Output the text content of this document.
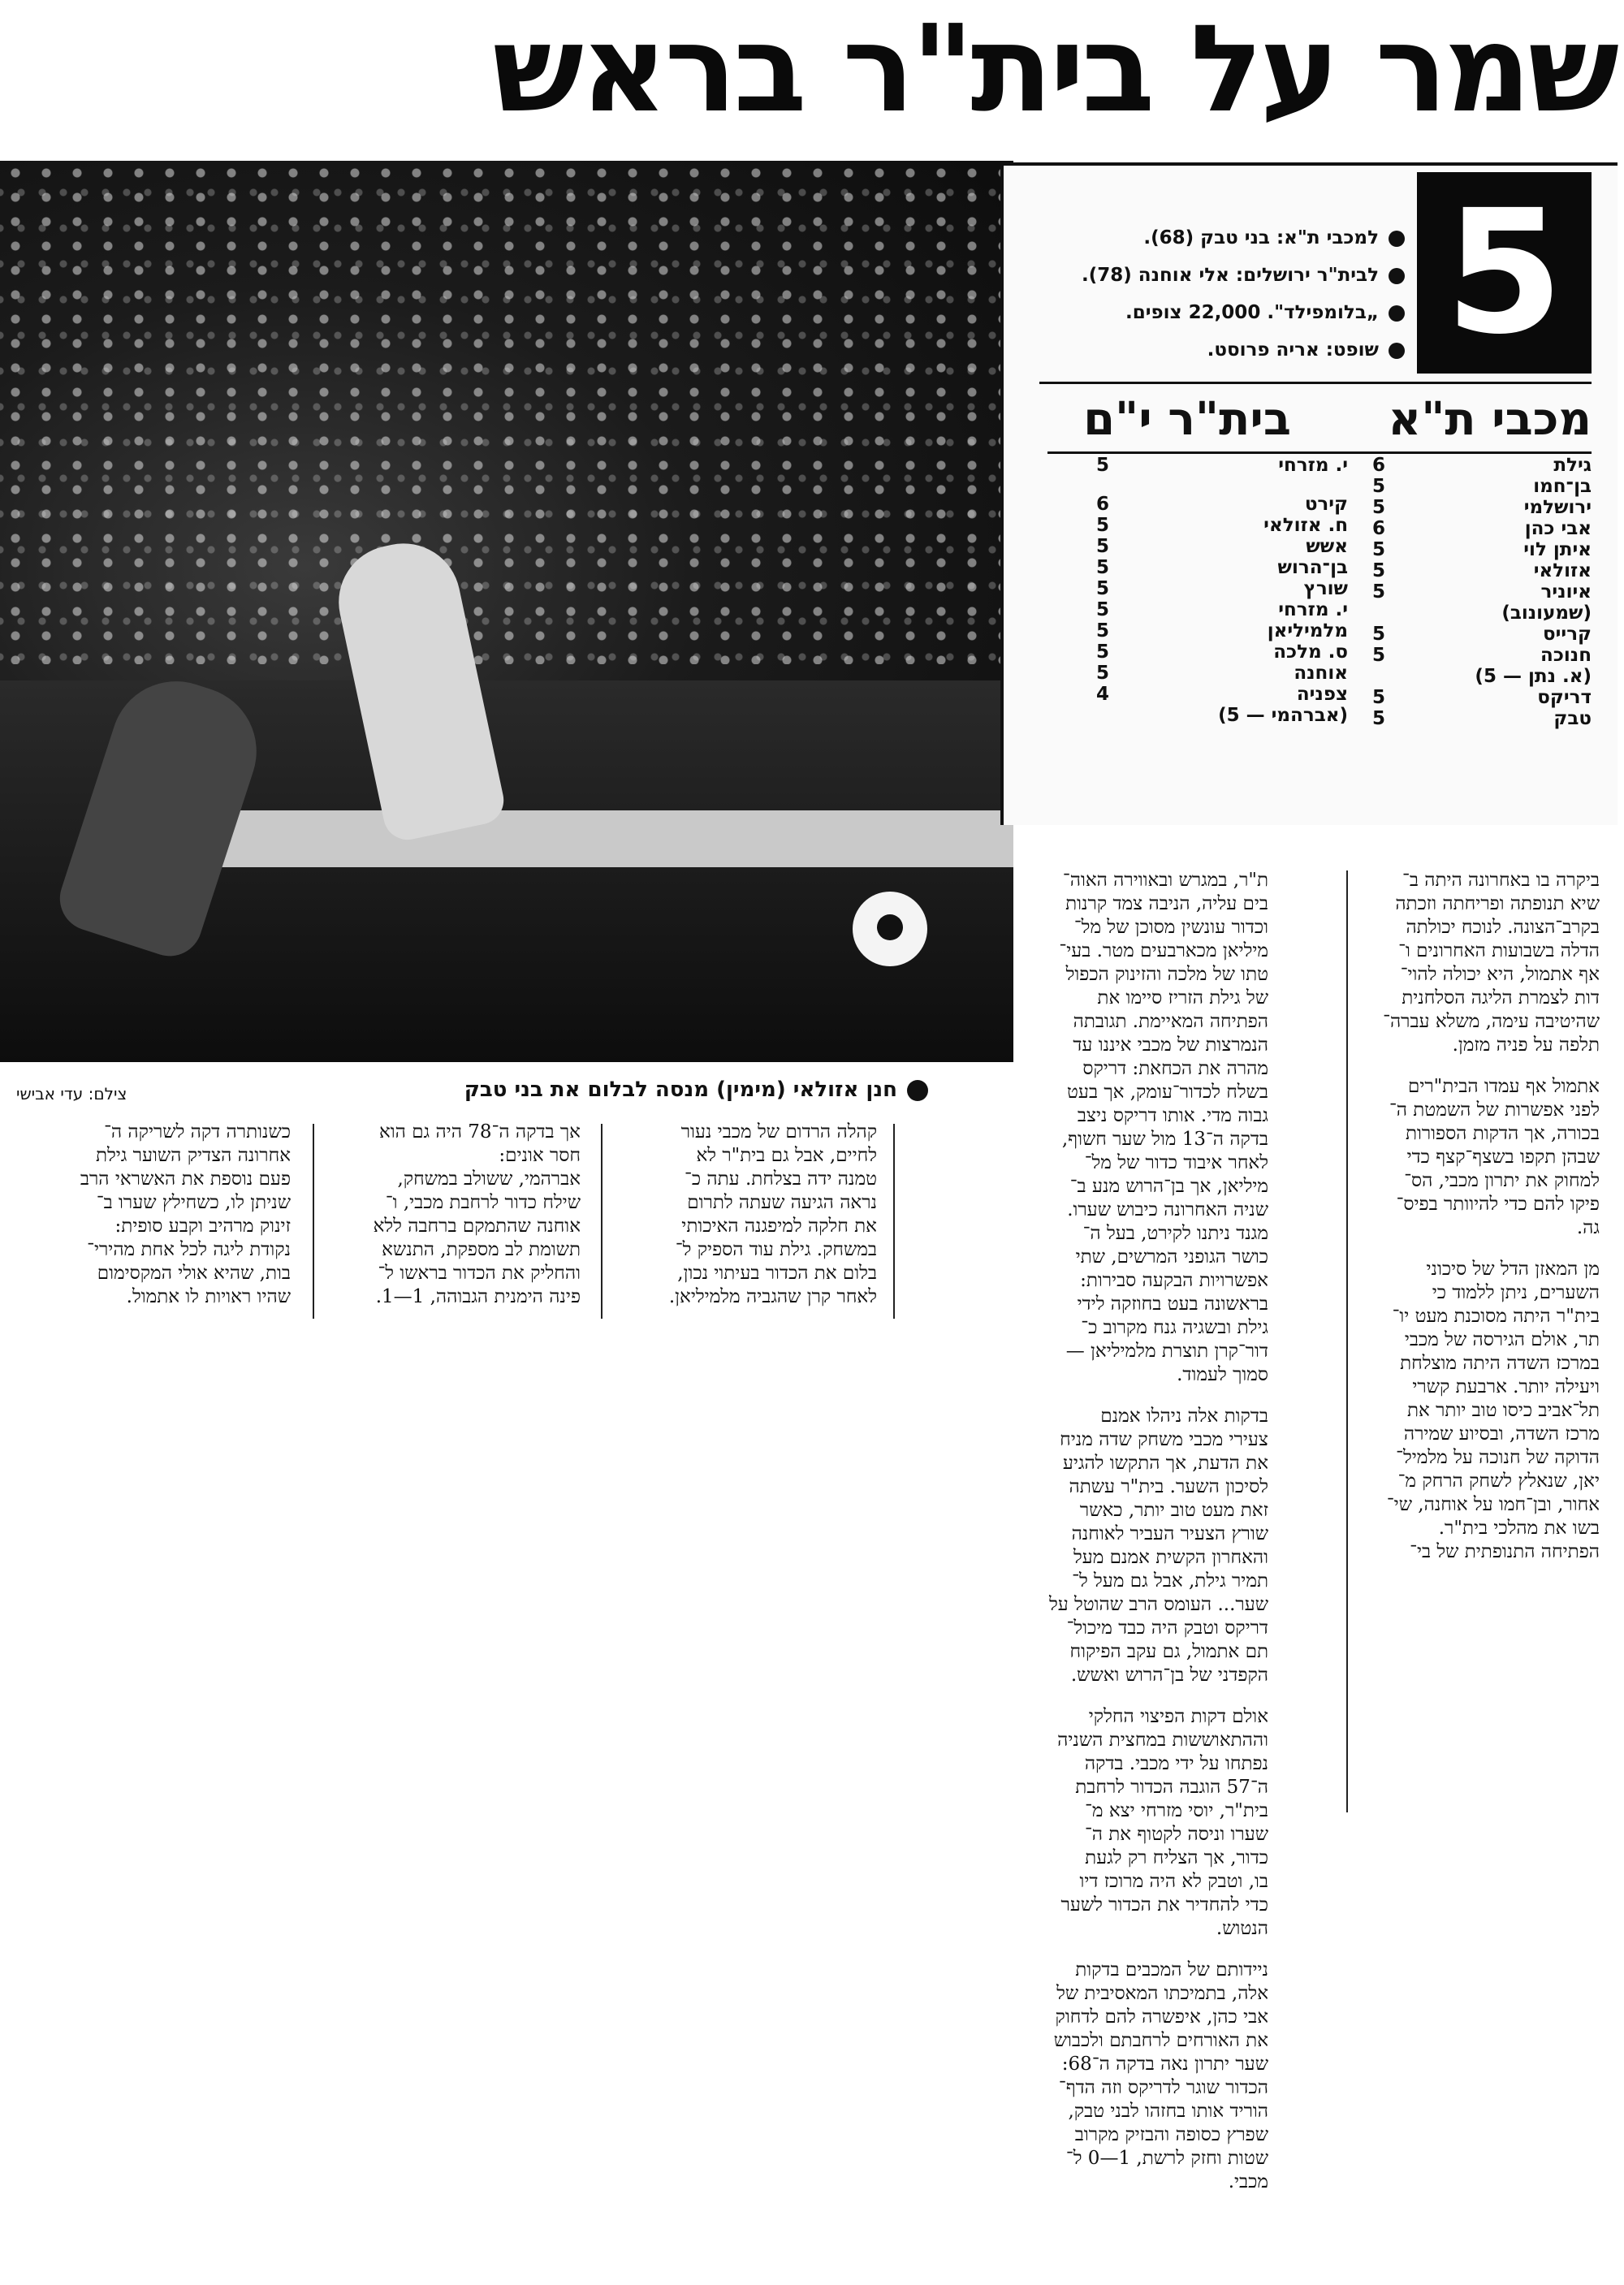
שמר על בית"ר בראש
חנן אזולאי (מימין) מנסה לבלום את בני טבק
צילם: עדי אבישי
5
למכבי ת"א: בני טבק (68).
לבית"ר ירושלים: אלי אוחנה (78).
„בלומפילד". 22,000 צופים.
שופט: אריה פרוסט.
מכבי ת"א
בית"ר י"ם
גילת
6
בן־חמו
5
ירושלמי
5
אבי כהן
6
איתן לוי
5
אזולאי
5
איוניר
5
(שמעונוב)
קרייס
5
חנוכה
5
(א. נתן — 5)
דריקס
5
טבק
5
קירט
6
ח. אזולאי
5
אשש
5
בן־הרוש
5
שורץ
5
י. מזרחי
5
מלמיליאן
5
ס. מלכה
5
אוחנה
5
צפניה
4
(אברהמי — 5)

ביקרה בו באחרונה היתה ב־
שיא תנופתה ופריחתה וזכתה
בקרב־הצונה. לנוכח יכולתה
הדלה בשבועות האחרונים ו־
אף אתמול, היא יכולה להוי־
דות לצמרת הליגה הסלחנית
שהיטיבה עימה, משלא עברה־
תלפה על פניה מזמן.

אתמול אף עמדו הבית"רים
לפני אפשרות של השמטת ה־
בכורה, אך הדקות הספורות
שבהן תקפו בשצף־קצף כדי
למחוק את יתרון מכבי, הס־
פיקו להם כדי להיוותר בפיס־
גה.

מן המאזן הדל של סיכוני
השערים, ניתן ללמוד כי
בית"ר היתה מסוכנת מעט יו־
תר, אולם הגירסה של מכבי
במרכז השדה היתה מוצלחת
ויעילה יותר. ארבעת קשרי
תל־אביב כיסו טוב יותר את
מרכז השדה, ובסיוע שמירה
הדוקה של חנוכה על מלמיל־
יאן, שנאלץ לשחק הרחק מ־
אחור, ובן־חמו על אוחנה, שי־
בשו את מהלכי בית"ר.
הפתיחה התנופתית של בי־

ת"ר, במגרש ובאווירה האוה־
בים עליה, הניבה צמד קרנות
וכדור עונשין מסוכן של מל־
מיליאן מכארבעים מטר. בעי־
טתו של מלכה והזינוק הכפול
של גילת הזריז סיימו את
הפתיחה המאיימת. תגובתה
הנמרצות של מכבי איננו עד
מהרה את הכחאת: דריקס
בשלח לכדור־עומק, אך בעט
גבוה מדי. אותו דריקס ניצב
בדקה ה־13 מול שער חשוף,
לאחר איבוד כדור של מל־
מיליאן, אך בן־הרוש מנע ב־
שניה האחרונה כיבוש שערו.
מגנד ניתנו לקירט, בעל ה־
כושר הגופני המרשים, שתי
אפשרויות הבקעה סבירות:
בראשונה בעט בחוזקה לידי
גילת ובשגיה גנח מקרוב כ־
דור־קרן תוצרת מלמיליאן —
סמוך לעמוד.

בדקות אלה ניהלו אמנם
צעירי מכבי משחק שדה מניח
את הדעת, אך התקשו להגיע
לסיכון השער. בית"ר עשתה
זאת מעט טוב יותר, כאשר
שורץ הצעיר העביר לאוחנה
והאחרון הקשית אמנם מעל
תמיר גילת, אבל גם מעל ל־
שער... העומס הרב שהוטל על
דריקס וטבק היה כבד מיכול־
תם אתמול, גם עקב הפיקוח
הקפדני של בן־הרוש ואשש.

אולם דקות הפיצוי החלקי
וההתאוששות במחצית השניה
נפתחו על ידי מכבי. בדקה
ה־57 הוגבה הכדור לרחבת
בית"ר, יוסי מזרחי יצא מ־
שערו וניסה לקטוף את ה־
כדור, אך הצליח רק לגעת
בו, וטבק לא היה מרוכז דיו
כדי להחדיר את הכדור לשער
הנטוש.

ניידותם של המכבים בדקות
אלה, בתמיכתו המאסיבית של
אבי כהן, איפשרה להם לדחוק
את האורחים לרחבתם ולכבוש
שער יתרון נאה בדקה ה־68:
הכדור שוגר לדריקס וזה הדף־
הוריד אותו בחזהו לבני טבק,
שפרץ כסופה והבזיק מקרוב
שטות וחזק לרשת, 1—0 ל־
מכבי.

קהלה הרדום של מכבי נעור
לחיים, אבל גם בית"ר לא
טמנה ידה בצלחת. עתה כ־
נראה הגיעה שעתה לתרום
את חלקה למיפגנה האיכותי
במשחק. גילת עוד הספיק ל־
בלום את הכדור בעיתוי נכון,
לאחר קרן שהגביה מלמיליאן.

אך בדקה ה־78 היה גם הוא
חסר אונים:
אברהמי, ששולב במשחק,
שילח כדור לרחבת מכבי, ו־
אוחנה שהתמקם ברחבה ללא
תשומת לב מספקת, התנשא
והחליק את הכדור בראשו ל־
פינה הימנית הגבוהה, 1—1.

כשנותרה דקה לשריקה ה־
אחרונה הצדיק השוער גילת
פעם נוספת את האשראי הרב
שניתן לו, כשחילץ שערו ב־
זינוק מרהיב וקבע סופית:
נקודת ליגה לכל אחת מהירי־
בות, שהיא אולי המקסימום
שהיו ראויות לו אתמול.

י. מזרחי
5
